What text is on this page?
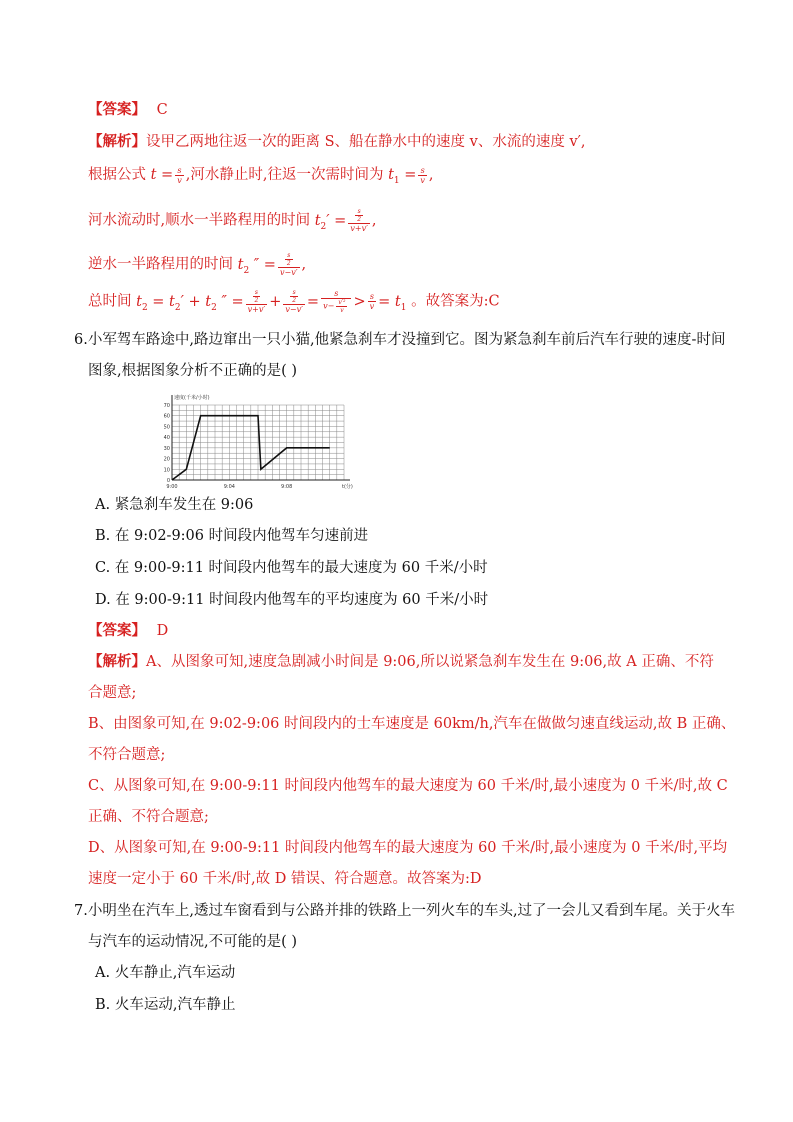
【答案】 C
【解析】设甲乙两地往返一次的距离 S、船在静水中的速度 v、水流的速度 v′,
根据公式 $t = \frac{s}{v}$ ,河水静止时,往返一次需时间为 $t_1 = \frac{s}{v}$ ,
河水流动时,顺水一半路程用的时间 $t_2' = \frac{\frac{s}{2}}{v+v'}$ ,
逆水一半路程用的时间 $t_2$ ″ = $\frac{\frac{s}{2}}{v-v'}$ ,
总时间 $t_2 = t_2' + t_2$ ″ = $\frac{\frac{s}{2}}{v+v'} + \frac{\frac{s}{2}}{v-v'} = \frac{s}{v- \frac{\text{v′²}}{v}} > \frac{s}{v} = t_1$ 。故答案为:C
6.小军驾车路途中,路边窜出一只小猫,他紧急刹车才没撞到它。图为紧急刹车前后汽车行驶的速度-时间
图象,根据图象分析不正确的是( )
70
60
50
40
30
20
10
0
9:00	9:04	9:08
速度(千米/小时)
t(分)
A. 紧急刹车发生在 9:06
B. 在 9:02-9:06 时间段内他驾车匀速前进
C. 在 9:00-9:11 时间段内他驾车的最大速度为 60 千米/小时
D. 在 9:00-9:11 时间段内他驾车的平均速度为 60 千米/小时
【答案】 D
【解析】A、从图象可知,速度急剧减小时间是 9:06,所以说紧急刹车发生在 9:06,故 A 正确、不符
合题意;
B、由图象可知,在 9:02-9:06 时间段内的士车速度是 60km/h,汽车在做做匀速直线运动,故 B 正确、
不符合题意;
C、从图象可知,在 9:00-9:11 时间段内他驾车的最大速度为 60 千米/时,最小速度为 0 千米/时,故 C
正确、不符合题意;
D、从图象可知,在 9:00-9:11 时间段内他驾车的最大速度为 60 千米/时,最小速度为 0 千米/时,平均
速度一定小于 60 千米/时,故 D 错误、符合题意。故答案为:D
7.小明坐在汽车上,透过车窗看到与公路并排的铁路上一列火车的车头,过了一会儿又看到车尾。关于火车
与汽车的运动情况,不可能的是( )
A. 火车静止,汽车运动
B. 火车运动,汽车静止
